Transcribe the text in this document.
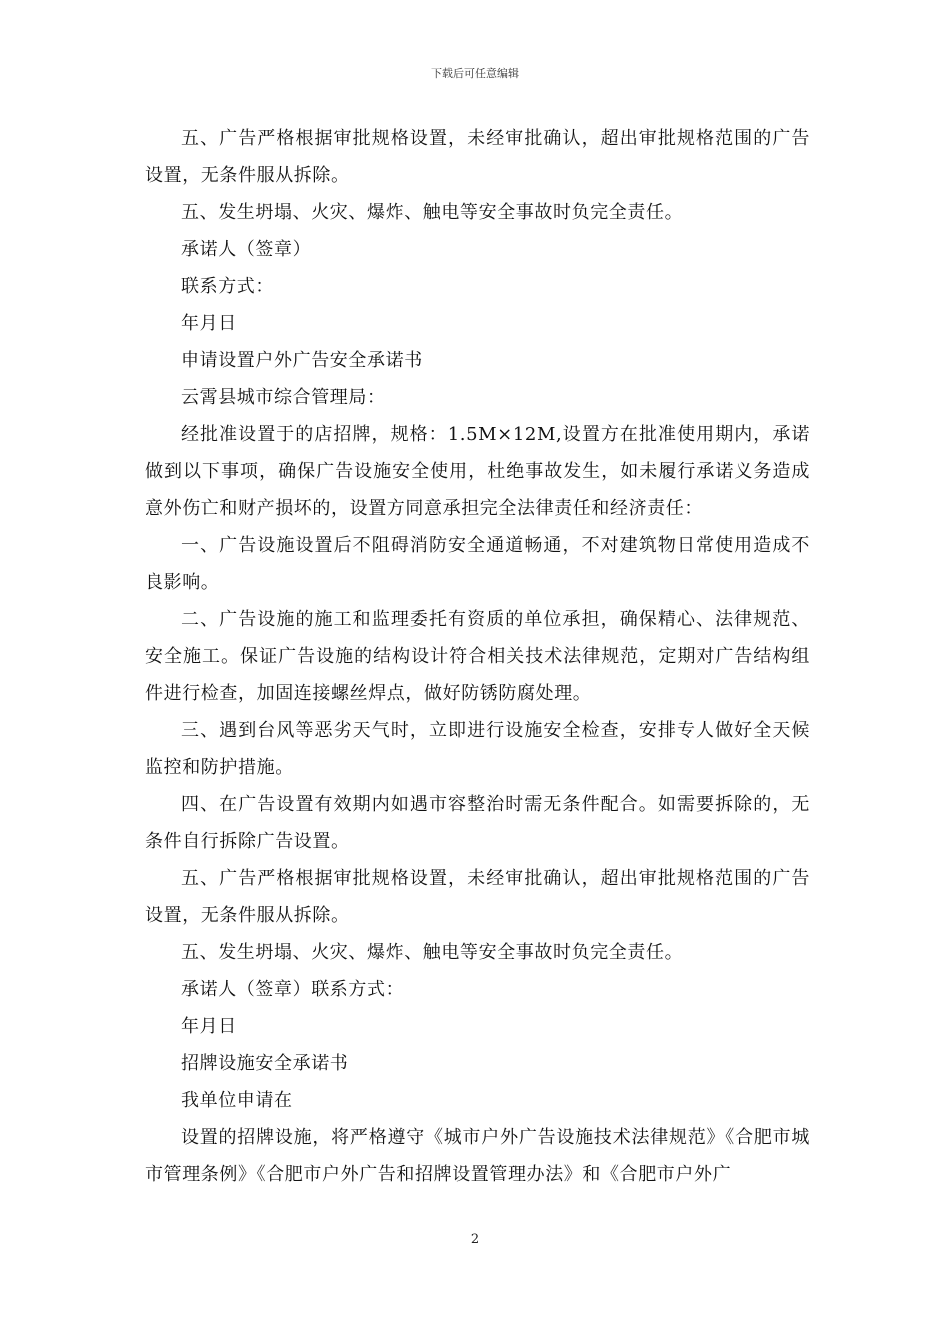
下载后可任意编辑

五、广告严格根据审批规格设置，未经审批确认，超出审批规格范围的广告设置，无条件服从拆除。

五、发生坍塌、火灾、爆炸、触电等安全事故时负完全责任。

承诺人（签章）

联系方式：

年月日

申请设置户外广告安全承诺书

云霄县城市综合管理局：

经批准设置于的店招牌，规格：1.5M×12M,设置方在批准使用期内，承诺做到以下事项，确保广告设施安全使用，杜绝事故发生，如未履行承诺义务造成意外伤亡和财产损坏的，设置方同意承担完全法律责任和经济责任：

一、广告设施设置后不阻碍消防安全通道畅通，不对建筑物日常使用造成不良影响。

二、广告设施的施工和监理委托有资质的单位承担，确保精心、法律规范、安全施工。保证广告设施的结构设计符合相关技术法律规范，定期对广告结构组件进行检查，加固连接螺丝焊点，做好防锈防腐处理。

三、遇到台风等恶劣天气时，立即进行设施安全检查，安排专人做好全天候监控和防护措施。

四、在广告设置有效期内如遇市容整治时需无条件配合。如需要拆除的，无条件自行拆除广告设置。

五、广告严格根据审批规格设置，未经审批确认，超出审批规格范围的广告设置，无条件服从拆除。

五、发生坍塌、火灾、爆炸、触电等安全事故时负完全责任。

承诺人（签章）联系方式：

年月日

招牌设施安全承诺书

我单位申请在

设置的招牌设施，将严格遵守《城市户外广告设施技术法律规范》《合肥市城市管理条例》《合肥市户外广告和招牌设置管理办法》和《合肥市户外广

2
